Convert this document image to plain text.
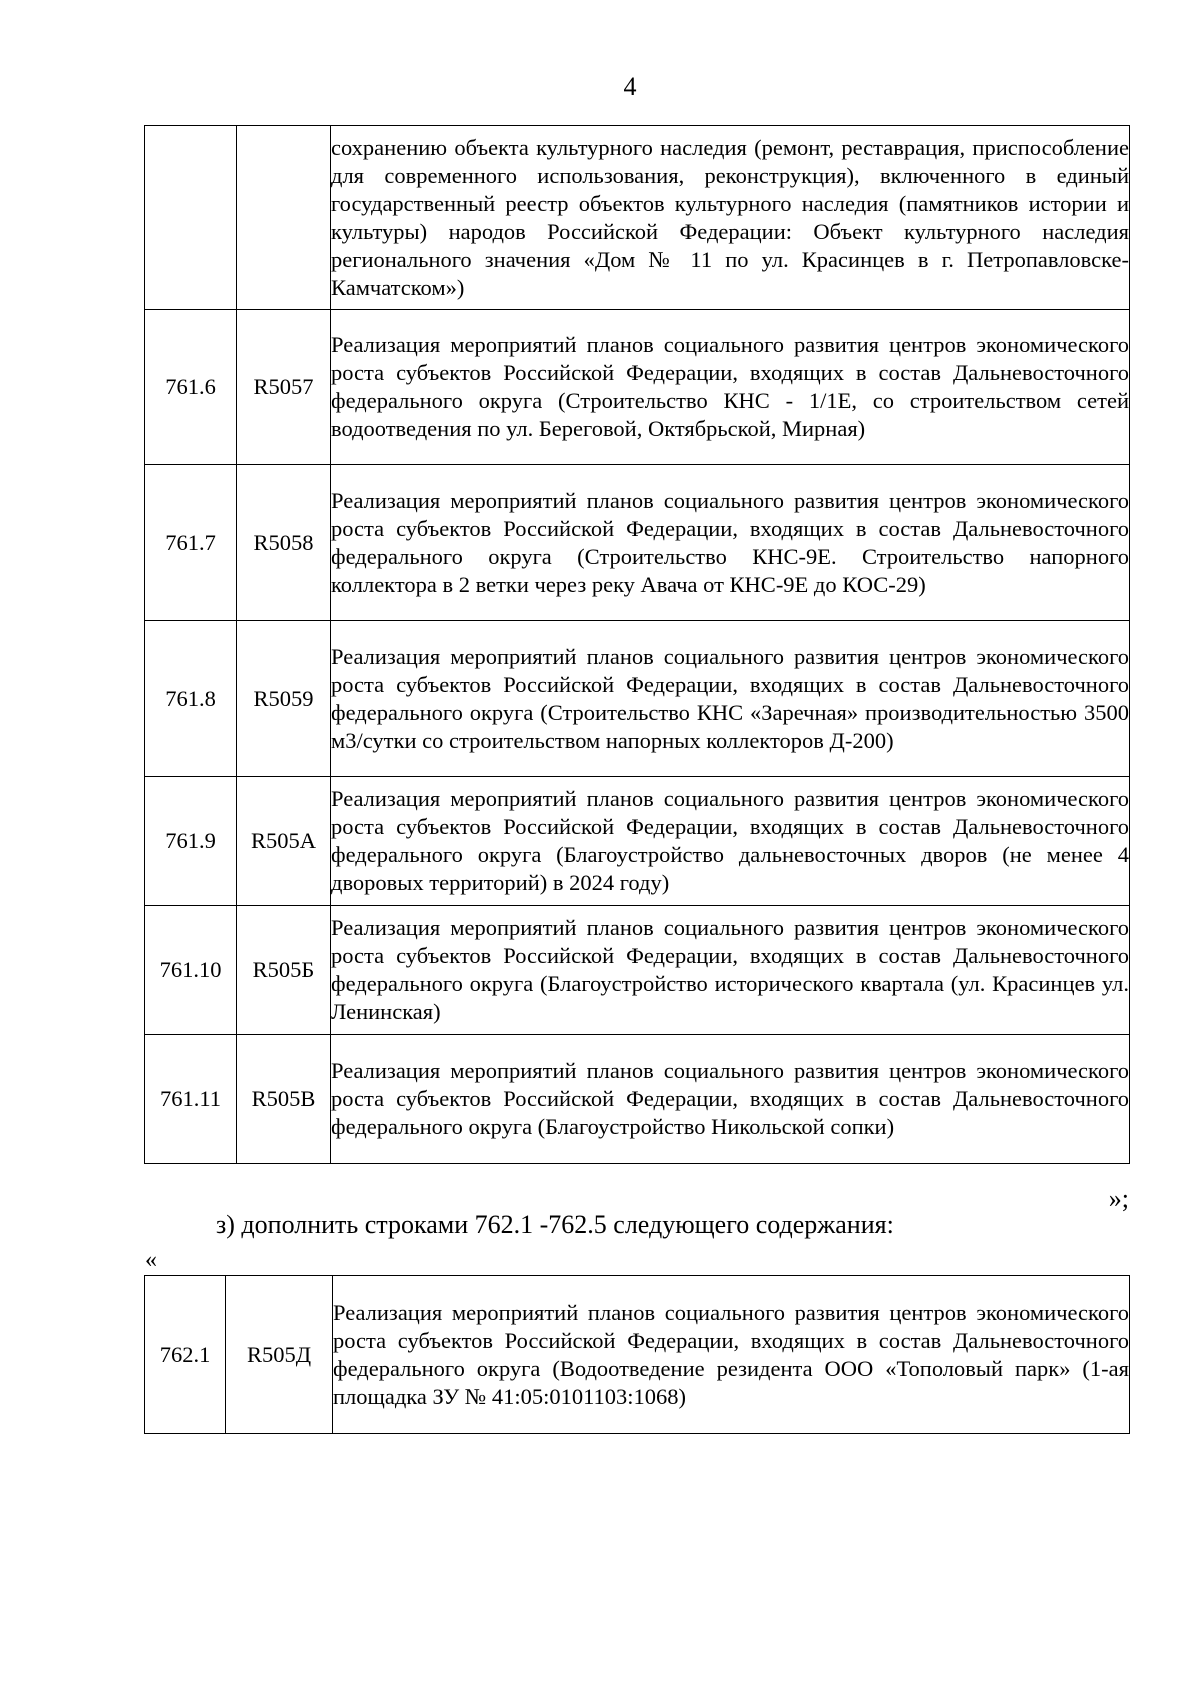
4
		сохранению объекта культурного наследия (ремонт, реставрация, приспособление для современного использования, реконструкция), включенного в единый государственный реестр объектов культурного наследия (памятников истории и культуры) народов Российской Федерации: Объект культурного наследия регионального значения «Дом № 11 по ул. Красинцев в г. Петропавловске-Камчатском»)
761.6	R5057	Реализация мероприятий планов социального развития центров экономического роста субъектов Российской Федерации, входящих в состав Дальневосточного федерального округа (Строительство КНС - 1/1Е, со строительством сетей водоотведения по ул. Береговой, Октябрьской, Мирная)
761.7	R5058	Реализация мероприятий планов социального развития центров экономического роста субъектов Российской Федерации, входящих в состав Дальневосточного федерального округа (Строительство КНС-9Е. Строительство напорного коллектора в 2 ветки через реку Авача от КНС-9Е до КОС-29)
761.8	R5059	Реализация мероприятий планов социального развития центров экономического роста субъектов Российской Федерации, входящих в состав Дальневосточного федерального округа (Строительство КНС «Заречная» производительностью 3500 м3/сутки со строительством напорных коллекторов Д-200)
761.9	R505A	Реализация мероприятий планов социального развития центров экономического роста субъектов Российской Федерации, входящих в состав Дальневосточного федерального округа (Благоустройство дальневосточных дворов (не менее 4 дворовых территорий) в 2024 году)
761.10	R505Б	Реализация мероприятий планов социального развития центров экономического роста субъектов Российской Федерации, входящих в состав Дальневосточного федерального округа (Благоустройство исторического квартала (ул. Красинцев ул. Ленинская)
761.11	R505В	Реализация мероприятий планов социального развития центров экономического роста субъектов Российской Федерации, входящих в состав Дальневосточного федерального округа (Благоустройство Никольской сопки)
»;
з) дополнить строками 762.1 -762.5 следующего содержания:
«
762.1	R505Д	Реализация мероприятий планов социального развития центров экономического роста субъектов Российской Федерации, входящих в состав Дальневосточного федерального округа (Водоотведение резидента ООО «Тополовый парк» (1-ая площадка ЗУ № 41:05:0101103:1068)
